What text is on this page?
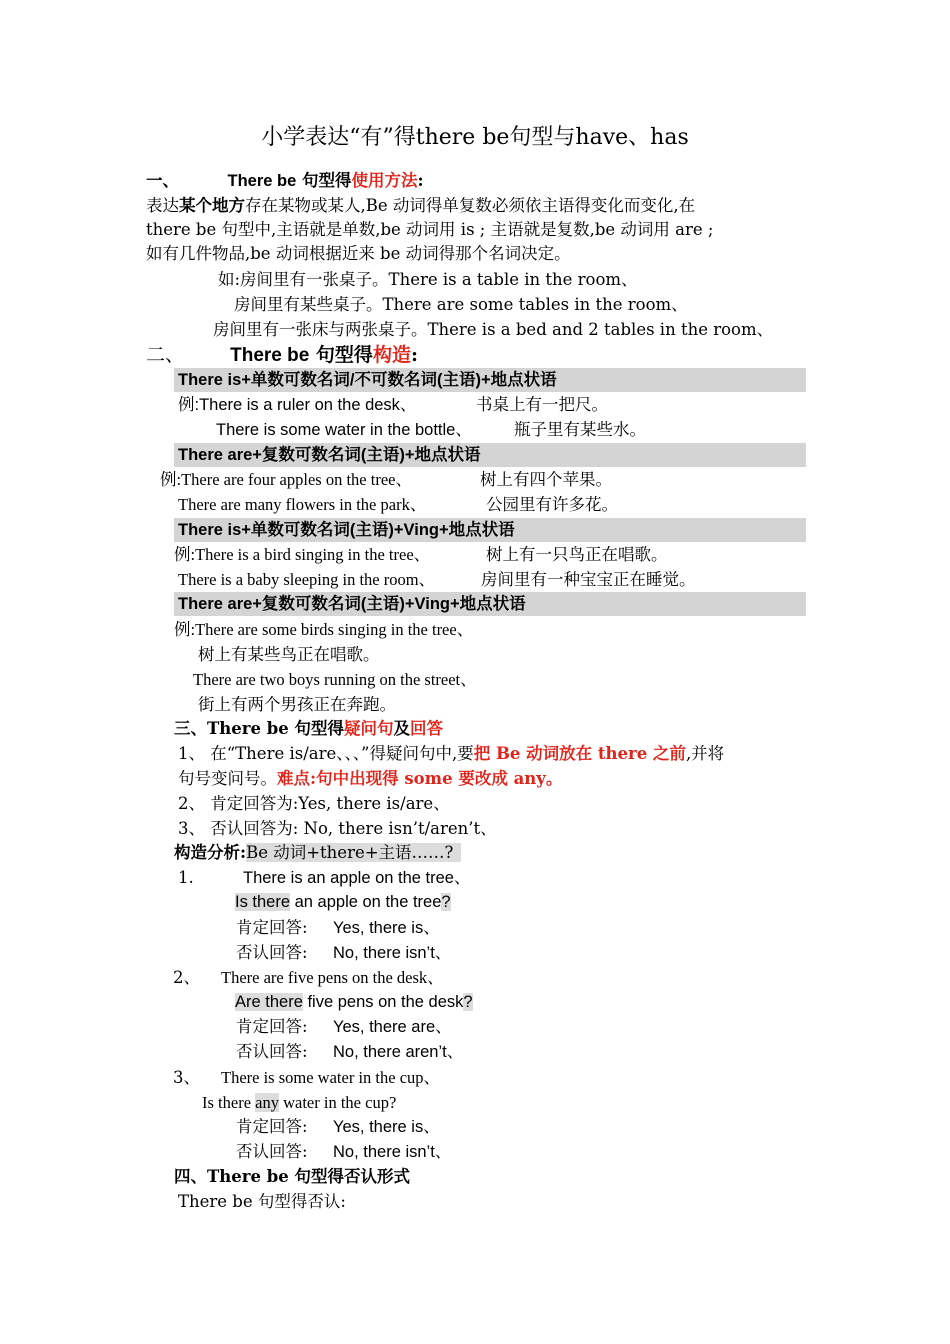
小学表达“有”得there be句型与have、has
一、	There be 句型得使用方法:
表达某个地方存在某物或某人,Be 动词得单复数必须依主语得变化而变化,在
there be 句型中,主语就是单数,be 动词用 is ; 主语就是复数,be 动词用 are ;
如有几件物品,be 动词根据近来 be 动词得那个名词决定。
如:房间里有一张桌子。There is a table in the room、
房间里有某些桌子。There are some tables in the room、
房间里有一张床与两张桌子。There is a bed and 2 tables in the room、
二、 There be 句型得构造:
There is+单数可数名词/不可数名词(主语)+地点状语
例:There is a ruler on the desk、	书桌上有一把尺。
There is some water in the bottle、	瓶子里有某些水。
There are+复数可数名词(主语)+地点状语
例:There are four apples on the tree、	树上有四个苹果。
There are many flowers in the park、	公园里有许多花。
There is+单数可数名词(主语)+Ving+地点状语
例:There is a bird singing in the tree、	树上有一只鸟正在唱歌。
There is a baby sleeping in the room、	房间里有一种宝宝正在睡觉。
There are+复数可数名词(主语)+Ving+地点状语
例:There are some birds singing in the tree、
树上有某些鸟正在唱歌。
There are two boys running on the street、
街上有两个男孩正在奔跑。
三、There be 句型得疑问句及回答
1、 在“There is/are、、、”得疑问句中,要把 Be 动词放在 there 之前,并将
句号变问号。难点:句中出现得 some 要改成 any。
2、 肯定回答为:Yes, there is/are、
3、 否认回答为: No, there isn’t/aren’t、
构造分析:Be 动词+there+主语……?
1.	There is an apple on the tree、
Is there an apple on the tree?
肯定回答: Yes, there is、
否认回答: No, there isn’t、
2、 There are five pens on the desk、
Are there five pens on the desk?
肯定回答: Yes, there are、
否认回答: No, there aren’t、
3、 There is some water in the cup、
Is there any water in the cup?
肯定回答: Yes, there is、
否认回答: No, there isn’t、
四、There be 句型得否认形式
There be 句型得否认:
